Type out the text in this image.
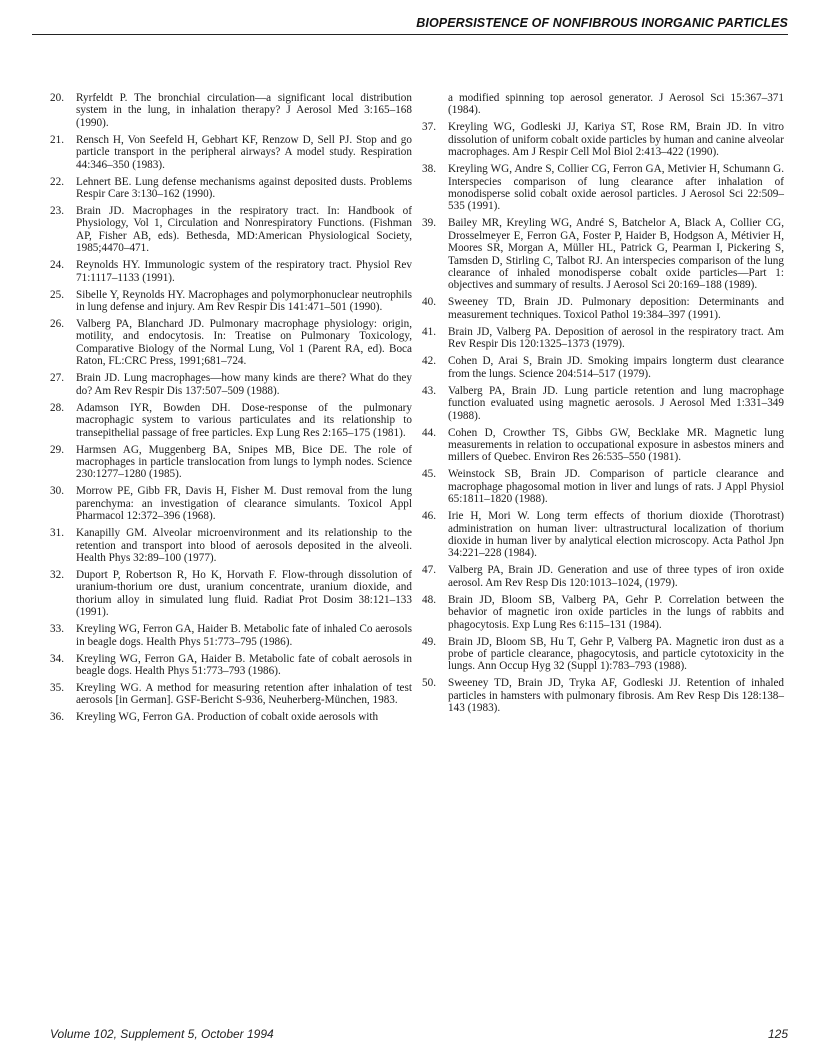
BIOPERSISTENCE OF NONFIBROUS INORGANIC PARTICLES
20.	Ryrfeldt P. The bronchial circulation—a significant local distribution system in the lung, in inhalation therapy? J Aerosol Med 3:165–168 (1990).
21.	Rensch H, Von Seefeld H, Gebhart KF, Renzow D, Sell PJ. Stop and go particle transport in the peripheral airways? A model study. Respiration 44:346–350 (1983).
22.	Lehnert BE. Lung defense mechanisms against deposited dusts. Problems Respir Care 3:130–162 (1990).
23.	Brain JD. Macrophages in the respiratory tract. In: Handbook of Physiology, Vol 1, Circulation and Nonrespiratory Functions. (Fishman AP, Fisher AB, eds). Bethesda, MD:American Physiological Society, 1985;4470–471.
24.	Reynolds HY. Immunologic system of the respiratory tract. Physiol Rev 71:1117–1133 (1991).
25.	Sibelle Y, Reynolds HY. Macrophages and polymorphonuclear neutrophils in lung defense and injury. Am Rev Respir Dis 141:471–501 (1990).
26.	Valberg PA, Blanchard JD. Pulmonary macrophage physiology: origin, motility, and endocytosis. In: Treatise on Pulmonary Toxicology, Comparative Biology of the Normal Lung, Vol 1 (Parent RA, ed). Boca Raton, FL:CRC Press, 1991;681–724.
27.	Brain JD. Lung macrophages—how many kinds are there? What do they do? Am Rev Respir Dis 137:507–509 (1988).
28.	Adamson IYR, Bowden DH. Dose-response of the pulmonary macrophagic system to various particulates and its relationship to transepithelial passage of free particles. Exp Lung Res 2:165–175 (1981).
29.	Harmsen AG, Muggenberg BA, Snipes MB, Bice DE. The role of macrophages in particle translocation from lungs to lymph nodes. Science 230:1277–1280 (1985).
30.	Morrow PE, Gibb FR, Davis H, Fisher M. Dust removal from the lung parenchyma: an investigation of clearance simulants. Toxicol Appl Pharmacol 12:372–396 (1968).
31.	Kanapilly GM. Alveolar microenvironment and its relationship to the retention and transport into blood of aerosols deposited in the alveoli. Health Phys 32:89–100 (1977).
32.	Duport P, Robertson R, Ho K, Horvath F. Flow-through dissolution of uranium-thorium ore dust, uranium concentrate, uranium dioxide, and thorium alloy in simulated lung fluid. Radiat Prot Dosim 38:121–133 (1991).
33.	Kreyling WG, Ferron GA, Haider B. Metabolic fate of inhaled Co aerosols in beagle dogs. Health Phys 51:773–795 (1986).
34.	Kreyling WG, Ferron GA, Haider B. Metabolic fate of cobalt aerosols in beagle dogs. Health Phys 51:773–793 (1986).
35.	Kreyling WG. A method for measuring retention after inhalation of test aerosols [in German]. GSF-Bericht S-936, Neuherberg-München, 1983.
36.	Kreyling WG, Ferron GA. Production of cobalt oxide aerosols with
a modified spinning top aerosol generator. J Aerosol Sci 15:367–371 (1984).
37.	Kreyling WG, Godleski JJ, Kariya ST, Rose RM, Brain JD. In vitro dissolution of uniform cobalt oxide particles by human and canine alveolar macrophages. Am J Respir Cell Mol Biol 2:413–422 (1990).
38.	Kreyling WG, Andre S, Collier CG, Ferron GA, Metivier H, Schumann G. Interspecies comparison of lung clearance after inhalation of monodisperse solid cobalt oxide aerosol particles. J Aerosol Sci 22:509–535 (1991).
39.	Bailey MR, Kreyling WG, André S, Batchelor A, Black A, Collier CG, Drosselmeyer E, Ferron GA, Foster P, Haider B, Hodgson A, Métivier H, Moores SR, Morgan A, Müller HL, Patrick G, Pearman I, Pickering S, Tamsden D, Stirling C, Talbot RJ. An interspecies comparison of the lung clearance of inhaled monodisperse cobalt oxide particles—Part 1: objectives and summary of results. J Aerosol Sci 20:169–188 (1989).
40.	Sweeney TD, Brain JD. Pulmonary deposition: Determinants and measurement techniques. Toxicol Pathol 19:384–397 (1991).
41.	Brain JD, Valberg PA. Deposition of aerosol in the respiratory tract. Am Rev Respir Dis 120:1325–1373 (1979).
42.	Cohen D, Arai S, Brain JD. Smoking impairs longterm dust clearance from the lungs. Science 204:514–517 (1979).
43.	Valberg PA, Brain JD. Lung particle retention and lung macrophage function evaluated using magnetic aerosols. J Aerosol Med 1:331–349 (1988).
44.	Cohen D, Crowther TS, Gibbs GW, Becklake MR. Magnetic lung measurements in relation to occupational exposure in asbestos miners and millers of Quebec. Environ Res 26:535–550 (1981).
45.	Weinstock SB, Brain JD. Comparison of particle clearance and macrophage phagosomal motion in liver and lungs of rats. J Appl Physiol 65:1811–1820 (1988).
46.	Irie H, Mori W. Long term effects of thorium dioxide (Thorotrast) administration on human liver: ultrastructural localization of thorium dioxide in human liver by analytical election microscopy. Acta Pathol Jpn 34:221–228 (1984).
47.	Valberg PA, Brain JD. Generation and use of three types of iron oxide aerosol. Am Rev Resp Dis 120:1013–1024, (1979).
48.	Brain JD, Bloom SB, Valberg PA, Gehr P. Correlation between the behavior of magnetic iron oxide particles in the lungs of rabbits and phagocytosis. Exp Lung Res 6:115–131 (1984).
49.	Brain JD, Bloom SB, Hu T, Gehr P, Valberg PA. Magnetic iron dust as a probe of particle clearance, phagocytosis, and particle cytotoxicity in the lungs. Ann Occup Hyg 32 (Suppl 1):783–793 (1988).
50.	Sweeney TD, Brain JD, Tryka AF, Godleski JJ. Retention of inhaled particles in hamsters with pulmonary fibrosis. Am Rev Resp Dis 128:138–143 (1983).
Volume 102, Supplement 5, October 1994	125
